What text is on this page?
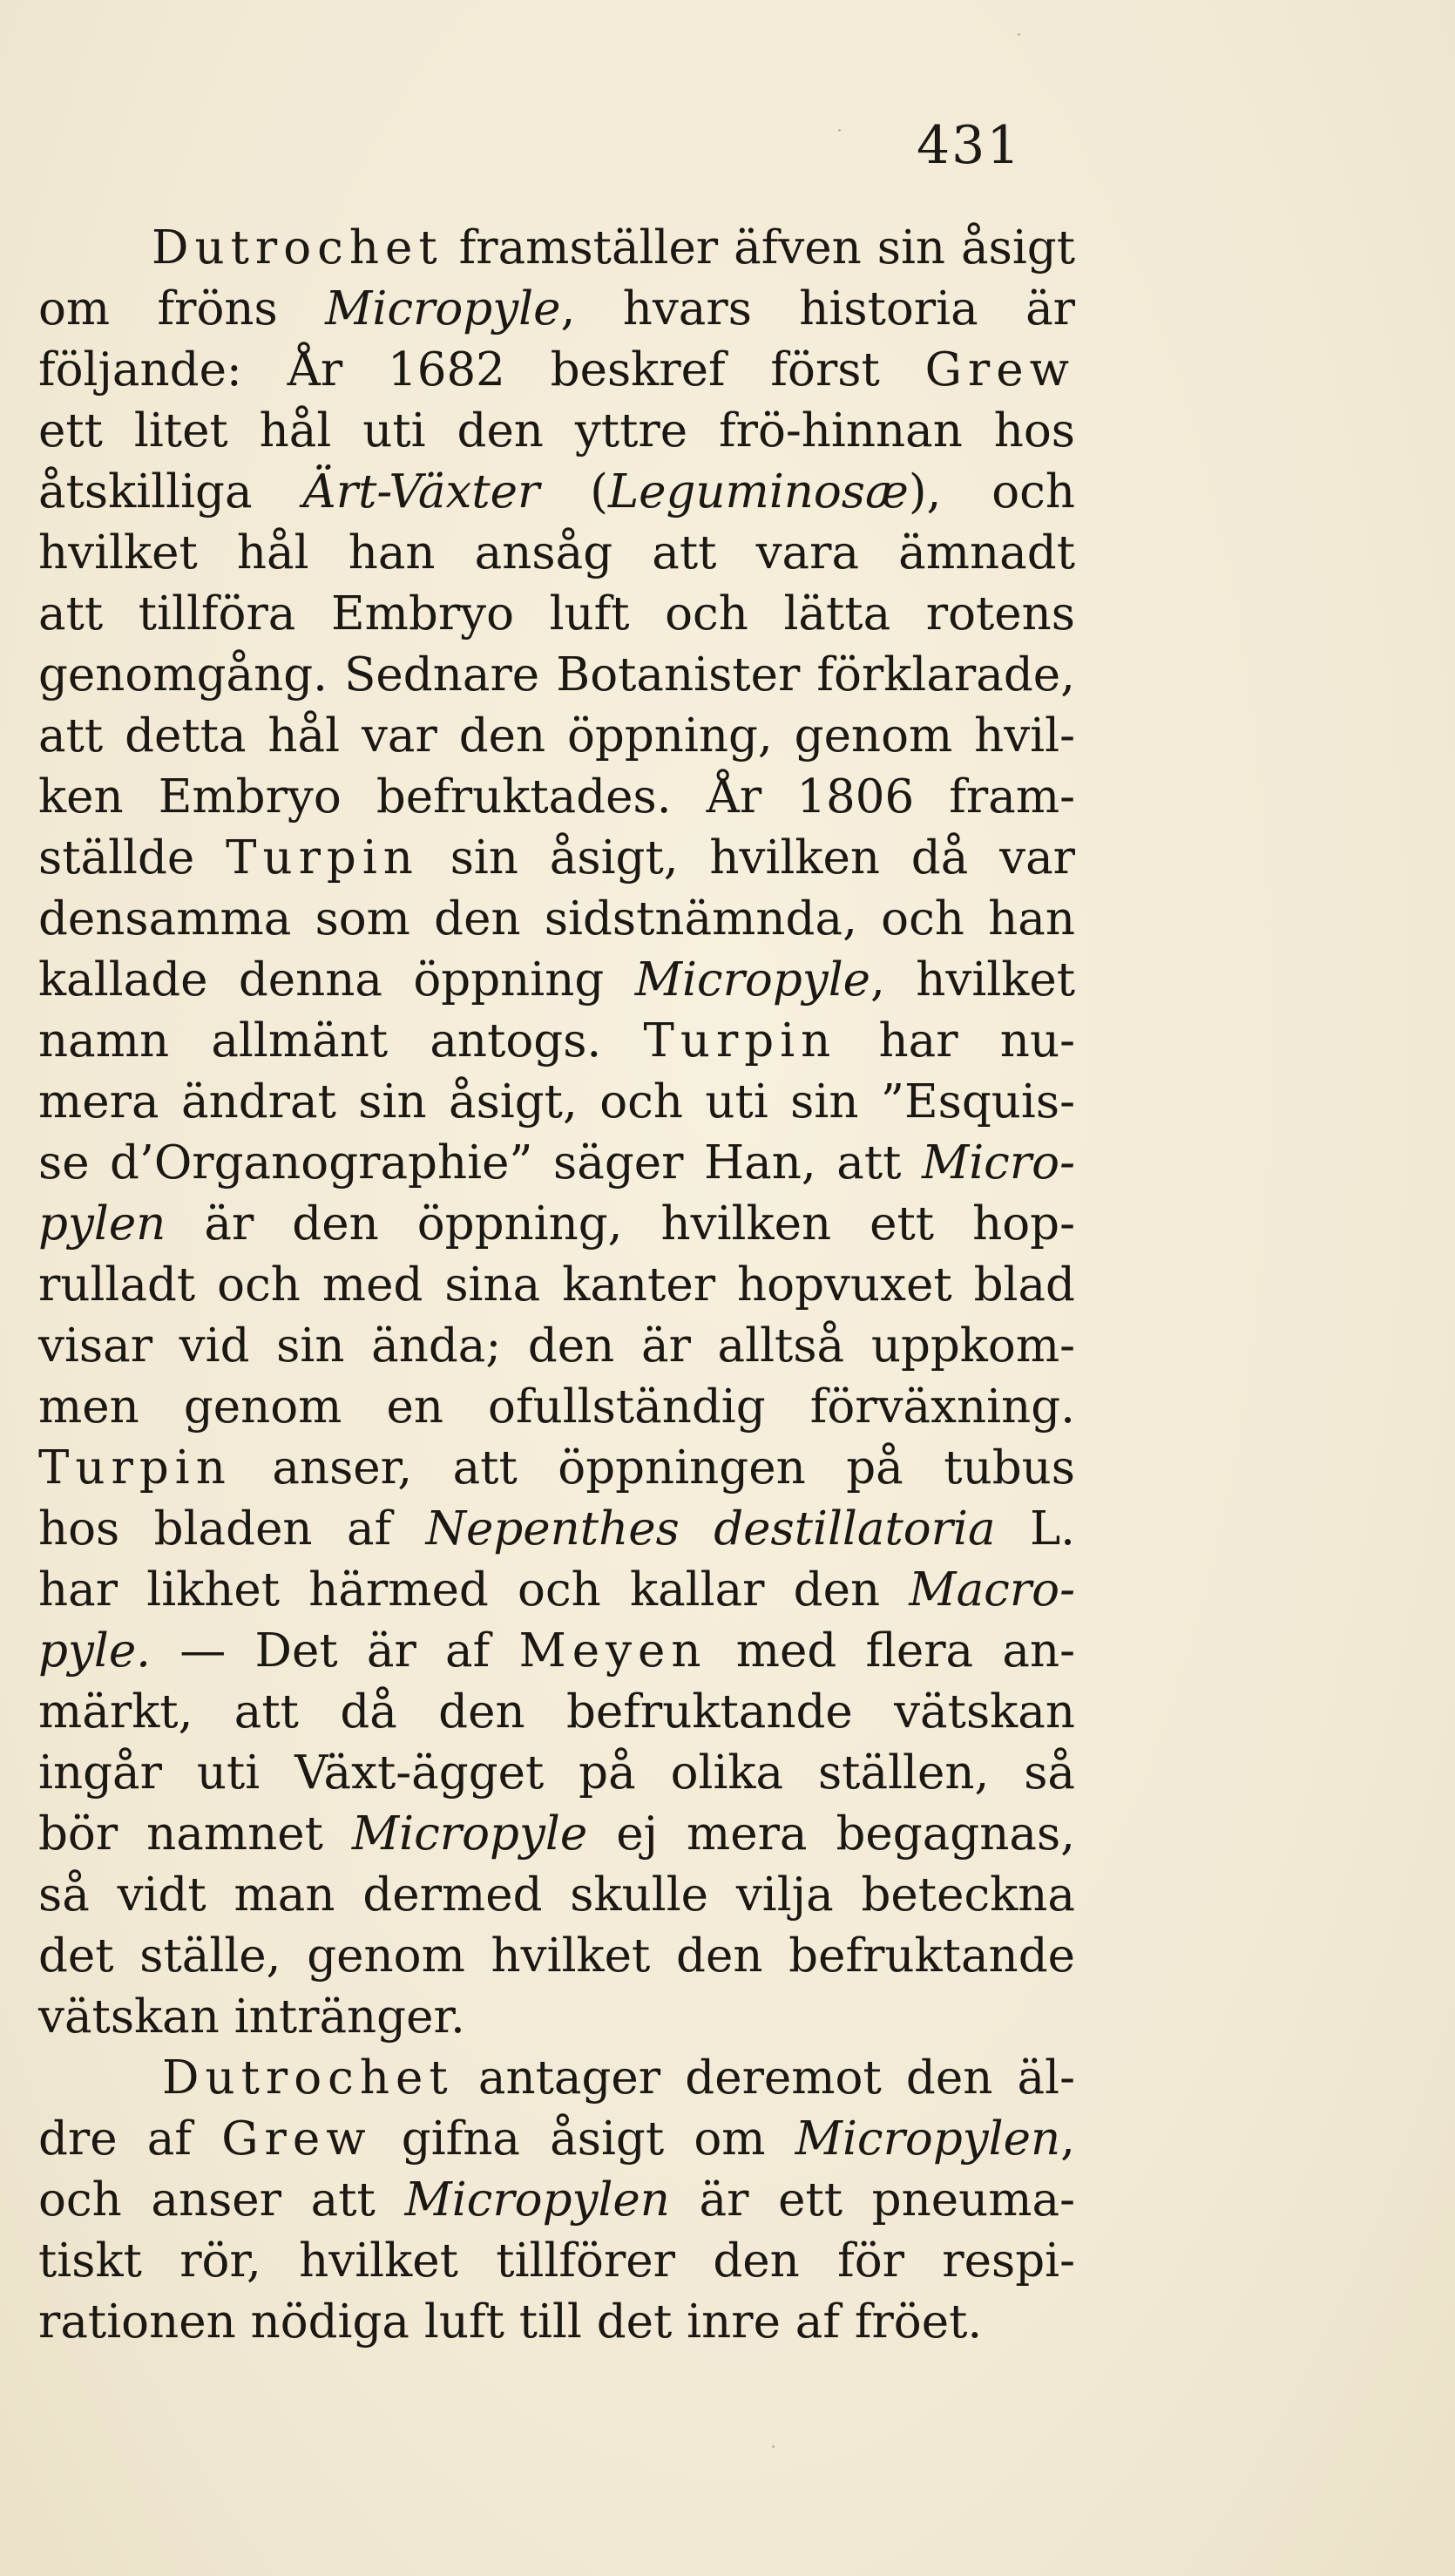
431
Dutrochet framställer äfven sin åsigt
om fröns Micropyle, hvars historia är
följande: År 1682 beskref först Grew
ett litet hål uti den yttre frö-hinnan hos
åtskilliga Ärt-Växter (Leguminosæ), och
hvilket hål han ansåg att vara ämnadt
att tillföra Embryo luft och lätta rotens
genomgång. Sednare Botanister förklarade,
att detta hål var den öppning, genom hvil-
ken Embryo befruktades. År 1806 fram-
ställde Turpin sin åsigt, hvilken då var
densamma som den sidstnämnda, och han
kallade denna öppning Micropyle, hvilket
namn allmänt antogs. Turpin har nu-
mera ändrat sin åsigt, och uti sin ”Esquis-
se d’Organographie” säger Han, att Micro-
pylen är den öppning, hvilken ett hop-
rulladt och med sina kanter hopvuxet blad
visar vid sin ända; den är alltså uppkom-
men genom en ofullständig förväxning.
Turpin anser, att öppningen på tubus
hos bladen af Nepenthes destillatoria L.
har likhet härmed och kallar den Macro-
pyle. — Det är af Meyen med flera an-
märkt, att då den befruktande vätskan
ingår uti Växt-ägget på olika ställen, så
bör namnet Micropyle ej mera begagnas,
så vidt man dermed skulle vilja beteckna
det ställe, genom hvilket den befruktande
vätskan intränger.
Dutrochet antager deremot den äl-
dre af Grew gifna åsigt om Micropylen,
och anser att Micropylen är ett pneuma-
tiskt rör, hvilket tillförer den för respi-
rationen nödiga luft till det inre af fröet.
